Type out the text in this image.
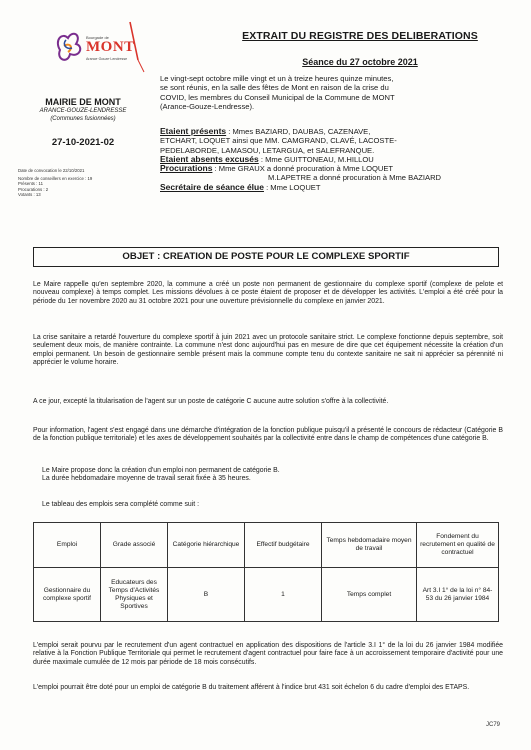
Bourgade de
MONT
Arance·Gouze·Lendresse
EXTRAIT DU REGISTRE DES DELIBERATIONS
Séance du 27 octobre 2021
Le vingt-sept octobre mille vingt et un à treize heures quinze minutes,
se sont réunis, en la salle des fêtes de Mont en raison de la crise du
COVID, les membres du Conseil Municipal de la Commune de MONT
(Arance-Gouze-Lendresse).
MAIRIE DE MONT
ARANCE-GOUZE-LENDRESSE
(Communes fusionnées)
27-10-2021-02
Date de convocation le 22/10/2021
Nombre de conseillers en exercice : 19
Présents : 11
Procurations : 2
Votants : 13
Etaient présents : Mmes BAZIARD, DAUBAS, CAZENAVE,
ETCHART, LOQUET ainsi que MM. CAMGRAND, CLAVÉ, LACOSTE-
PEDELABORDE, LAMASOU, LETARGUA, et SALEFRANQUE.
Etaient absents excusés : Mme GUITTONEAU, M.HILLOU
Procurations : Mme GRAUX a donné procuration à Mme LOQUET
M.LAPETRE a donné procuration à Mme BAZIARD
Secrétaire de séance élue : Mme LOQUET
OBJET : CREATION DE POSTE POUR LE COMPLEXE SPORTIF
Le Maire rappelle qu'en septembre 2020, la commune a créé un poste non permanent de gestionnaire du complexe sportif (complexe de pelote et nouveau complexe) à temps complet. Les missions dévolues à ce poste étaient de proposer et de développer les activités. L'emploi a été créé pour la période du 1er novembre 2020 au 31 octobre 2021 pour une ouverture prévisionnelle du complexe en janvier 2021.
La crise sanitaire a retardé l'ouverture du complexe sportif à juin 2021 avec un protocole sanitaire strict. Le complexe fonctionne depuis septembre, soit seulement deux mois, de manière contrainte. La commune n'est donc aujourd'hui pas en mesure de dire que cet équipement nécessite la création d'un emploi permanent. Un besoin de gestionnaire semble présent mais la commune compte tenu du contexte sanitaire ne sait ni apprécier sa pérennité ni apprécier le volume horaire.
A ce jour, excepté la titularisation de l'agent sur un poste de catégorie C aucune autre solution s'offre à la collectivité.
Pour information, l'agent s'est engagé dans une démarche d'intégration de la fonction publique puisqu'il a présenté le concours de rédacteur (Catégorie B de la fonction publique territoriale) et les axes de développement souhaités par la collectivité entre dans le champ de compétences d'une catégorie B.
Le Maire propose donc la création d'un emploi non permanent de catégorie B.
La durée hebdomadaire moyenne de travail serait fixée à 35 heures.
Le tableau des emplois sera complété comme suit :
Emploi	Grade associé	Catégorie hiérarchique	Effectif budgétaire	Temps hebdomadaire moyen de travail	Fondement du recrutement en qualité de contractuel
Gestionnaire du complexe sportif	Educateurs des Temps d'Activités Physiques et Sportives	B	1	Temps complet	Art 3.I 1° de la loi n° 84-53 du 26 janvier 1984
L'emploi serait pourvu par le recrutement d'un agent contractuel en application des dispositions de l'article 3.I 1° de la loi du 26 janvier 1984 modifiée relative à la Fonction Publique Territoriale qui permet le recrutement d'agent contractuel pour faire face à un accroissement temporaire d'activité pour une durée maximale cumulée de 12 mois par période de 18 mois consécutifs.
L'emploi pourrait être doté pour un emploi de catégorie B du traitement afférent à l'indice brut 431 soit échelon 6 du cadre d'emploi des ETAPS.
JC79
